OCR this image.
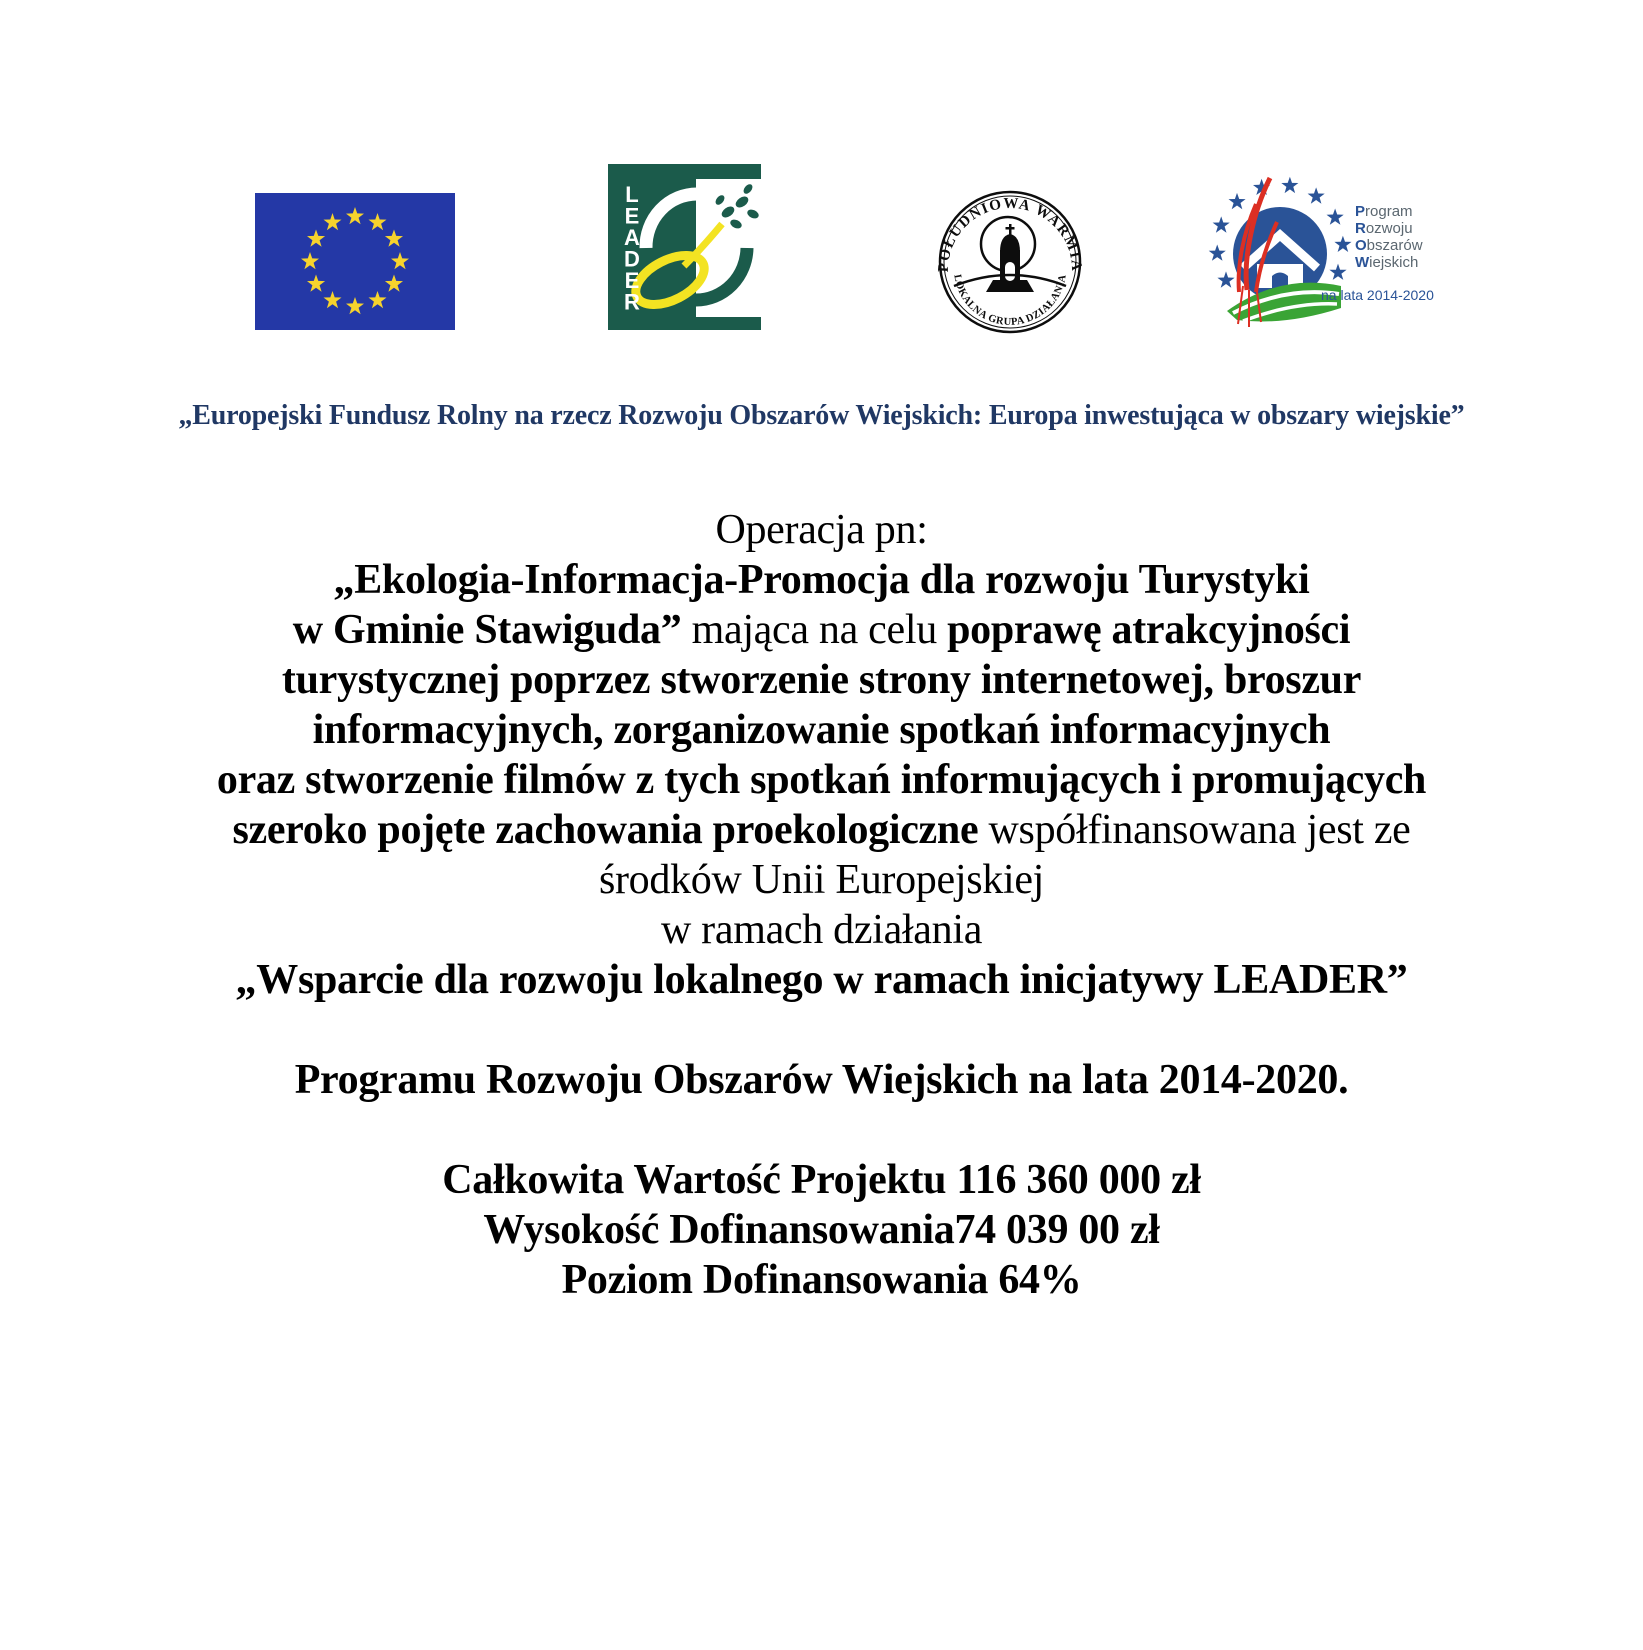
L
E
A
D
E
R
POŁUDNIOWA WARMIA
LOKALNA GRUPA DZIAŁANIA
Program
Rozwoju
Obszarów
Wiejskich
na lata 2014-2020
„Europejski Fundusz Rolny na rzecz Rozwoju Obszarów Wiejskich: Europa inwestująca w obszary wiejskie”
Operacja pn:
„Ekologia-Informacja-Promocja dla rozwoju Turystyki
w Gminie Stawiguda” mająca na celu poprawę atrakcyjności
turystycznej poprzez stworzenie strony internetowej, broszur
informacyjnych, zorganizowanie spotkań informacyjnych
oraz stworzenie filmów z tych spotkań informujących i promujących
szeroko pojęte zachowania proekologiczne współfinansowana jest ze
środków Unii Europejskiej
w ramach działania
„Wsparcie dla rozwoju lokalnego w ramach inicjatywy LEADER”

Programu Rozwoju Obszarów Wiejskich na lata 2014-2020.

Całkowita Wartość Projektu 116 360 000 zł
Wysokość Dofinansowania74 039 00 zł
Poziom Dofinansowania 64%
